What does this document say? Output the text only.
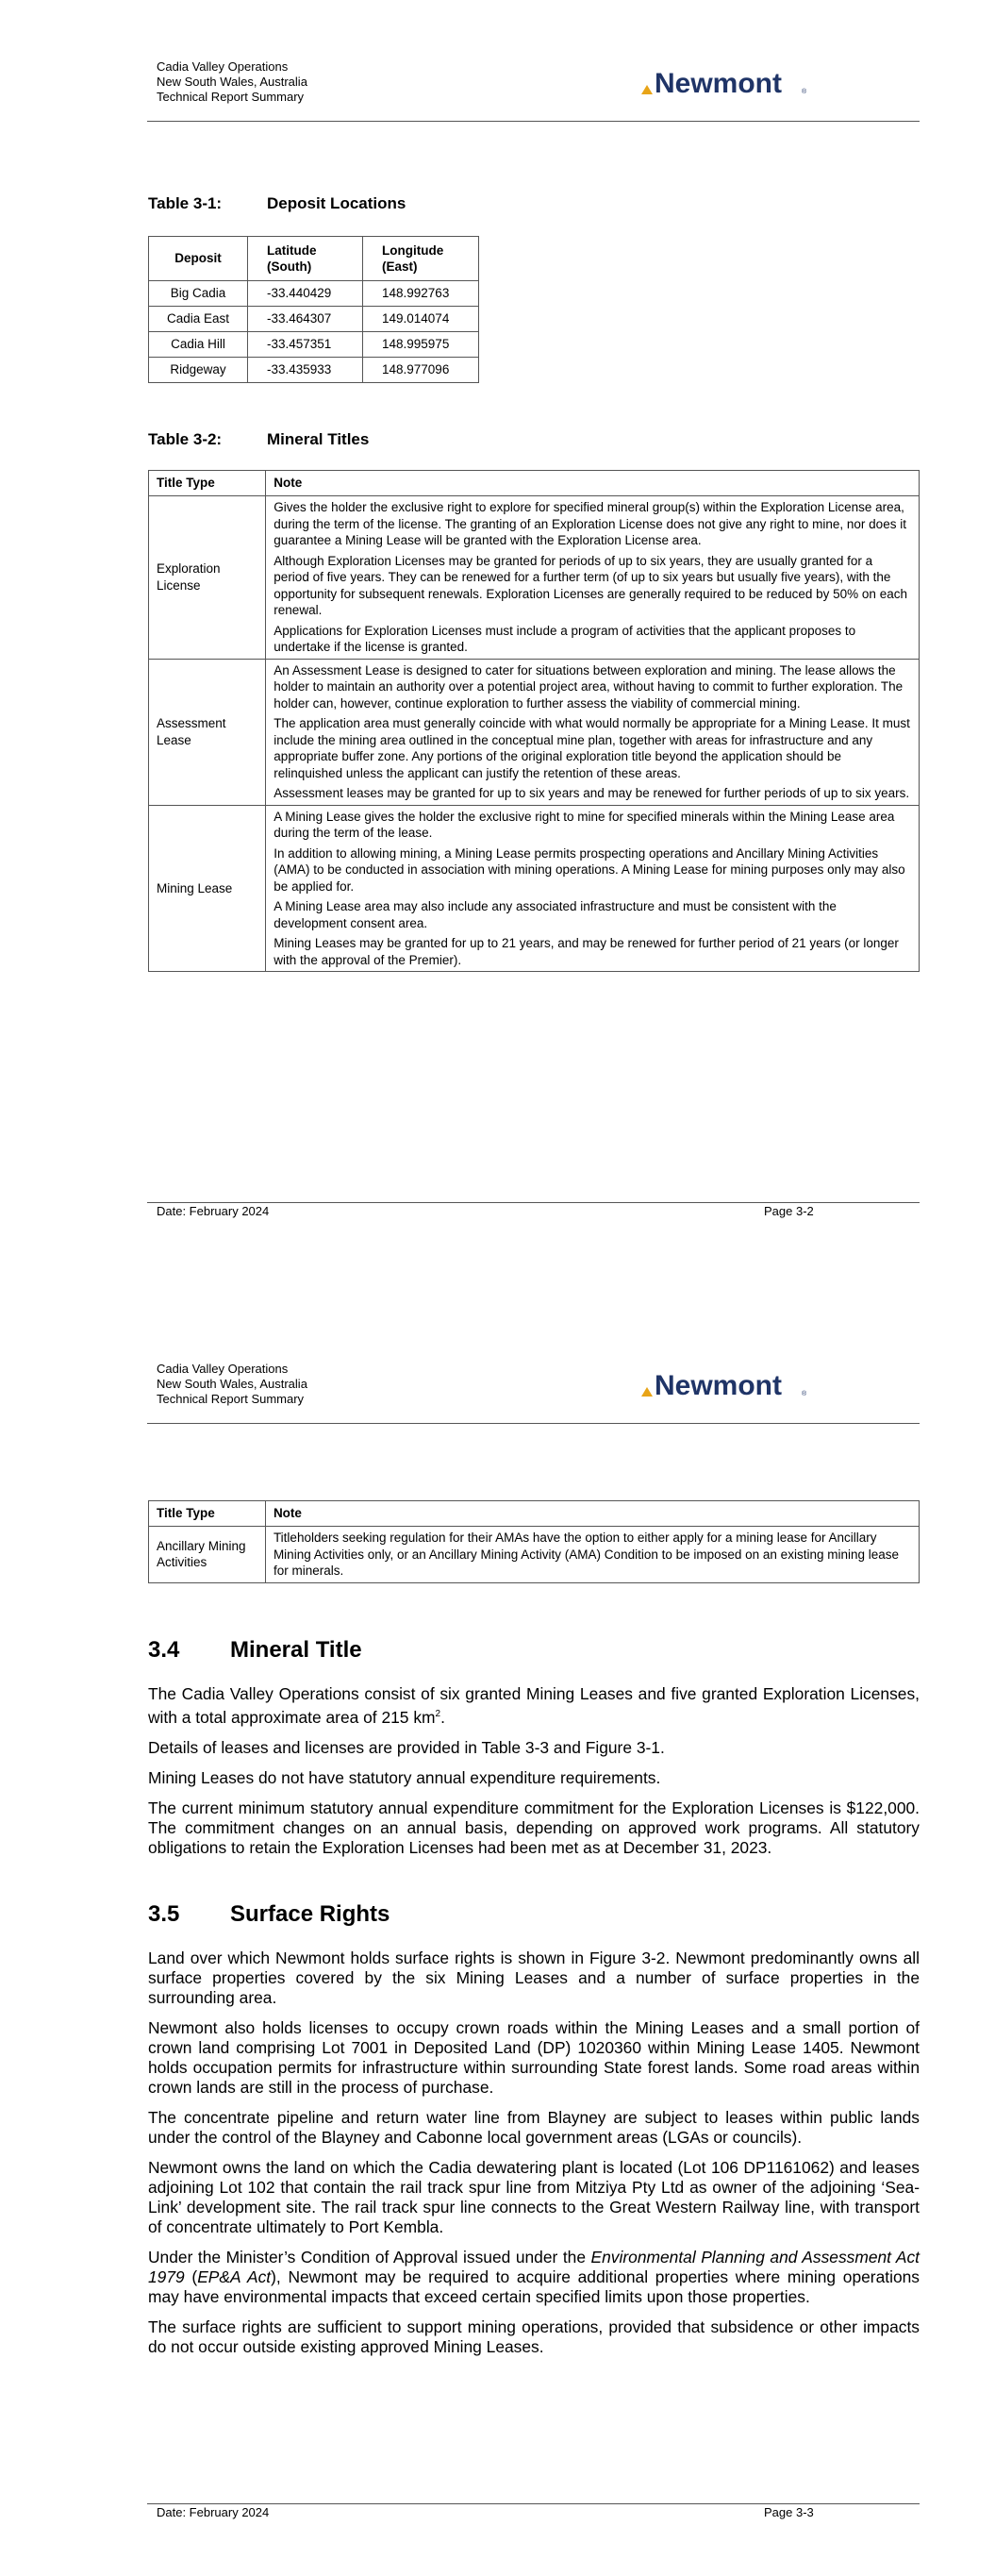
Cadia Valley Operations
New South Wales, Australia
Technical Report Summary	Newmont	®
Table 3-1:	Deposit Locations
Deposit	Latitude (South)	Longitude (East)
Big Cadia	-33.440429	148.992763
Cadia East	-33.464307	149.014074
Cadia Hill	-33.457351	148.995975
Ridgeway	-33.435933	148.977096
Table 3-2:	Mineral Titles
Title Type	Note
Exploration License	Gives the holder the exclusive right to explore for specified mineral group(s) within the Exploration License area, during the term of the license. The granting of an Exploration License does not give any right to mine, nor does it guarantee a Mining Lease will be granted with the Exploration License area.

Although Exploration Licenses may be granted for periods of up to six years, they are usually granted for a period of five years. They can be renewed for a further term (of up to six years but usually five years), with the opportunity for subsequent renewals. Exploration Licenses are generally required to be reduced by 50% on each renewal.

Applications for Exploration Licenses must include a program of activities that the applicant proposes to undertake if the license is granted.

Assessment Lease	An Assessment Lease is designed to cater for situations between exploration and mining. The lease allows the holder to maintain an authority over a potential project area, without having to commit to further exploration. The holder can, however, continue exploration to further assess the viability of commercial mining.

The application area must generally coincide with what would normally be appropriate for a Mining Lease. It must include the mining area outlined in the conceptual mine plan, together with areas for infrastructure and any appropriate buffer zone. Any portions of the original exploration title beyond the application should be relinquished unless the applicant can justify the retention of these areas.

Assessment leases may be granted for up to six years and may be renewed for further periods of up to six years.

Mining Lease	A Mining Lease gives the holder the exclusive right to mine for specified minerals within the Mining Lease area during the term of the lease.

In addition to allowing mining, a Mining Lease permits prospecting operations and Ancillary Mining Activities (AMA) to be conducted in association with mining operations. A Mining Lease for mining purposes only may also be applied for.

A Mining Lease area may also include any associated infrastructure and must be consistent with the development consent area.

Mining Leases may be granted for up to 21 years, and may be renewed for further period of 21 years (or longer with the approval of the Premier).

Date: February 2024	Page 3-2
Cadia Valley Operations
New South Wales, Australia
Technical Report Summary	Newmont	®
Title Type	Note
Ancillary Mining Activities	Titleholders seeking regulation for their AMAs have the option to either apply for a mining lease for Ancillary Mining Activities only, or an Ancillary Mining Activity (AMA) Condition to be imposed on an existing mining lease for minerals.

3.4 Mineral Title

The Cadia Valley Operations consist of six granted Mining Leases and five granted Exploration Licenses, with a total approximate area of 215 $km^2$.

Details of leases and licenses are provided in Table 3-3 and Figure 3-1.

Mining Leases do not have statutory annual expenditure requirements.

The current minimum statutory annual expenditure commitment for the Exploration Licenses is $122,000. The commitment changes on an annual basis, depending on approved work programs. All statutory obligations to retain the Exploration Licenses had been met as at December 31, 2023.

3.5 Surface Rights

Land over which Newmont holds surface rights is shown in Figure 3-2. Newmont predominantly owns all surface properties covered by the six Mining Leases and a number of surface properties in the surrounding area.

Newmont also holds licenses to occupy crown roads within the Mining Leases and a small portion of crown land comprising Lot 7001 in Deposited Land (DP) 1020360 within Mining Lease 1405. Newmont holds occupation permits for infrastructure within surrounding State forest lands. Some road areas within crown lands are still in the process of purchase.

The concentrate pipeline and return water line from Blayney are subject to leases within public lands under the control of the Blayney and Cabonne local government areas (LGAs or councils).

Newmont owns the land on which the Cadia dewatering plant is located (Lot 106 DP1161062) and leases adjoining Lot 102 that contain the rail track spur line from Mitziya Pty Ltd as owner of the adjoining ‘Sea-Link’ development site. The rail track spur line connects to the Great Western Railway line, with transport of concentrate ultimately to Port Kembla.

Under the Minister’s Condition of Approval issued under the Environmental Planning and Assessment Act 1979 (EP&A Act), Newmont may be required to acquire additional properties where mining operations may have environmental impacts that exceed certain specified limits upon those properties.

The surface rights are sufficient to support mining operations, provided that subsidence or other impacts do not occur outside existing approved Mining Leases.

Date: February 2024	Page 3-3
